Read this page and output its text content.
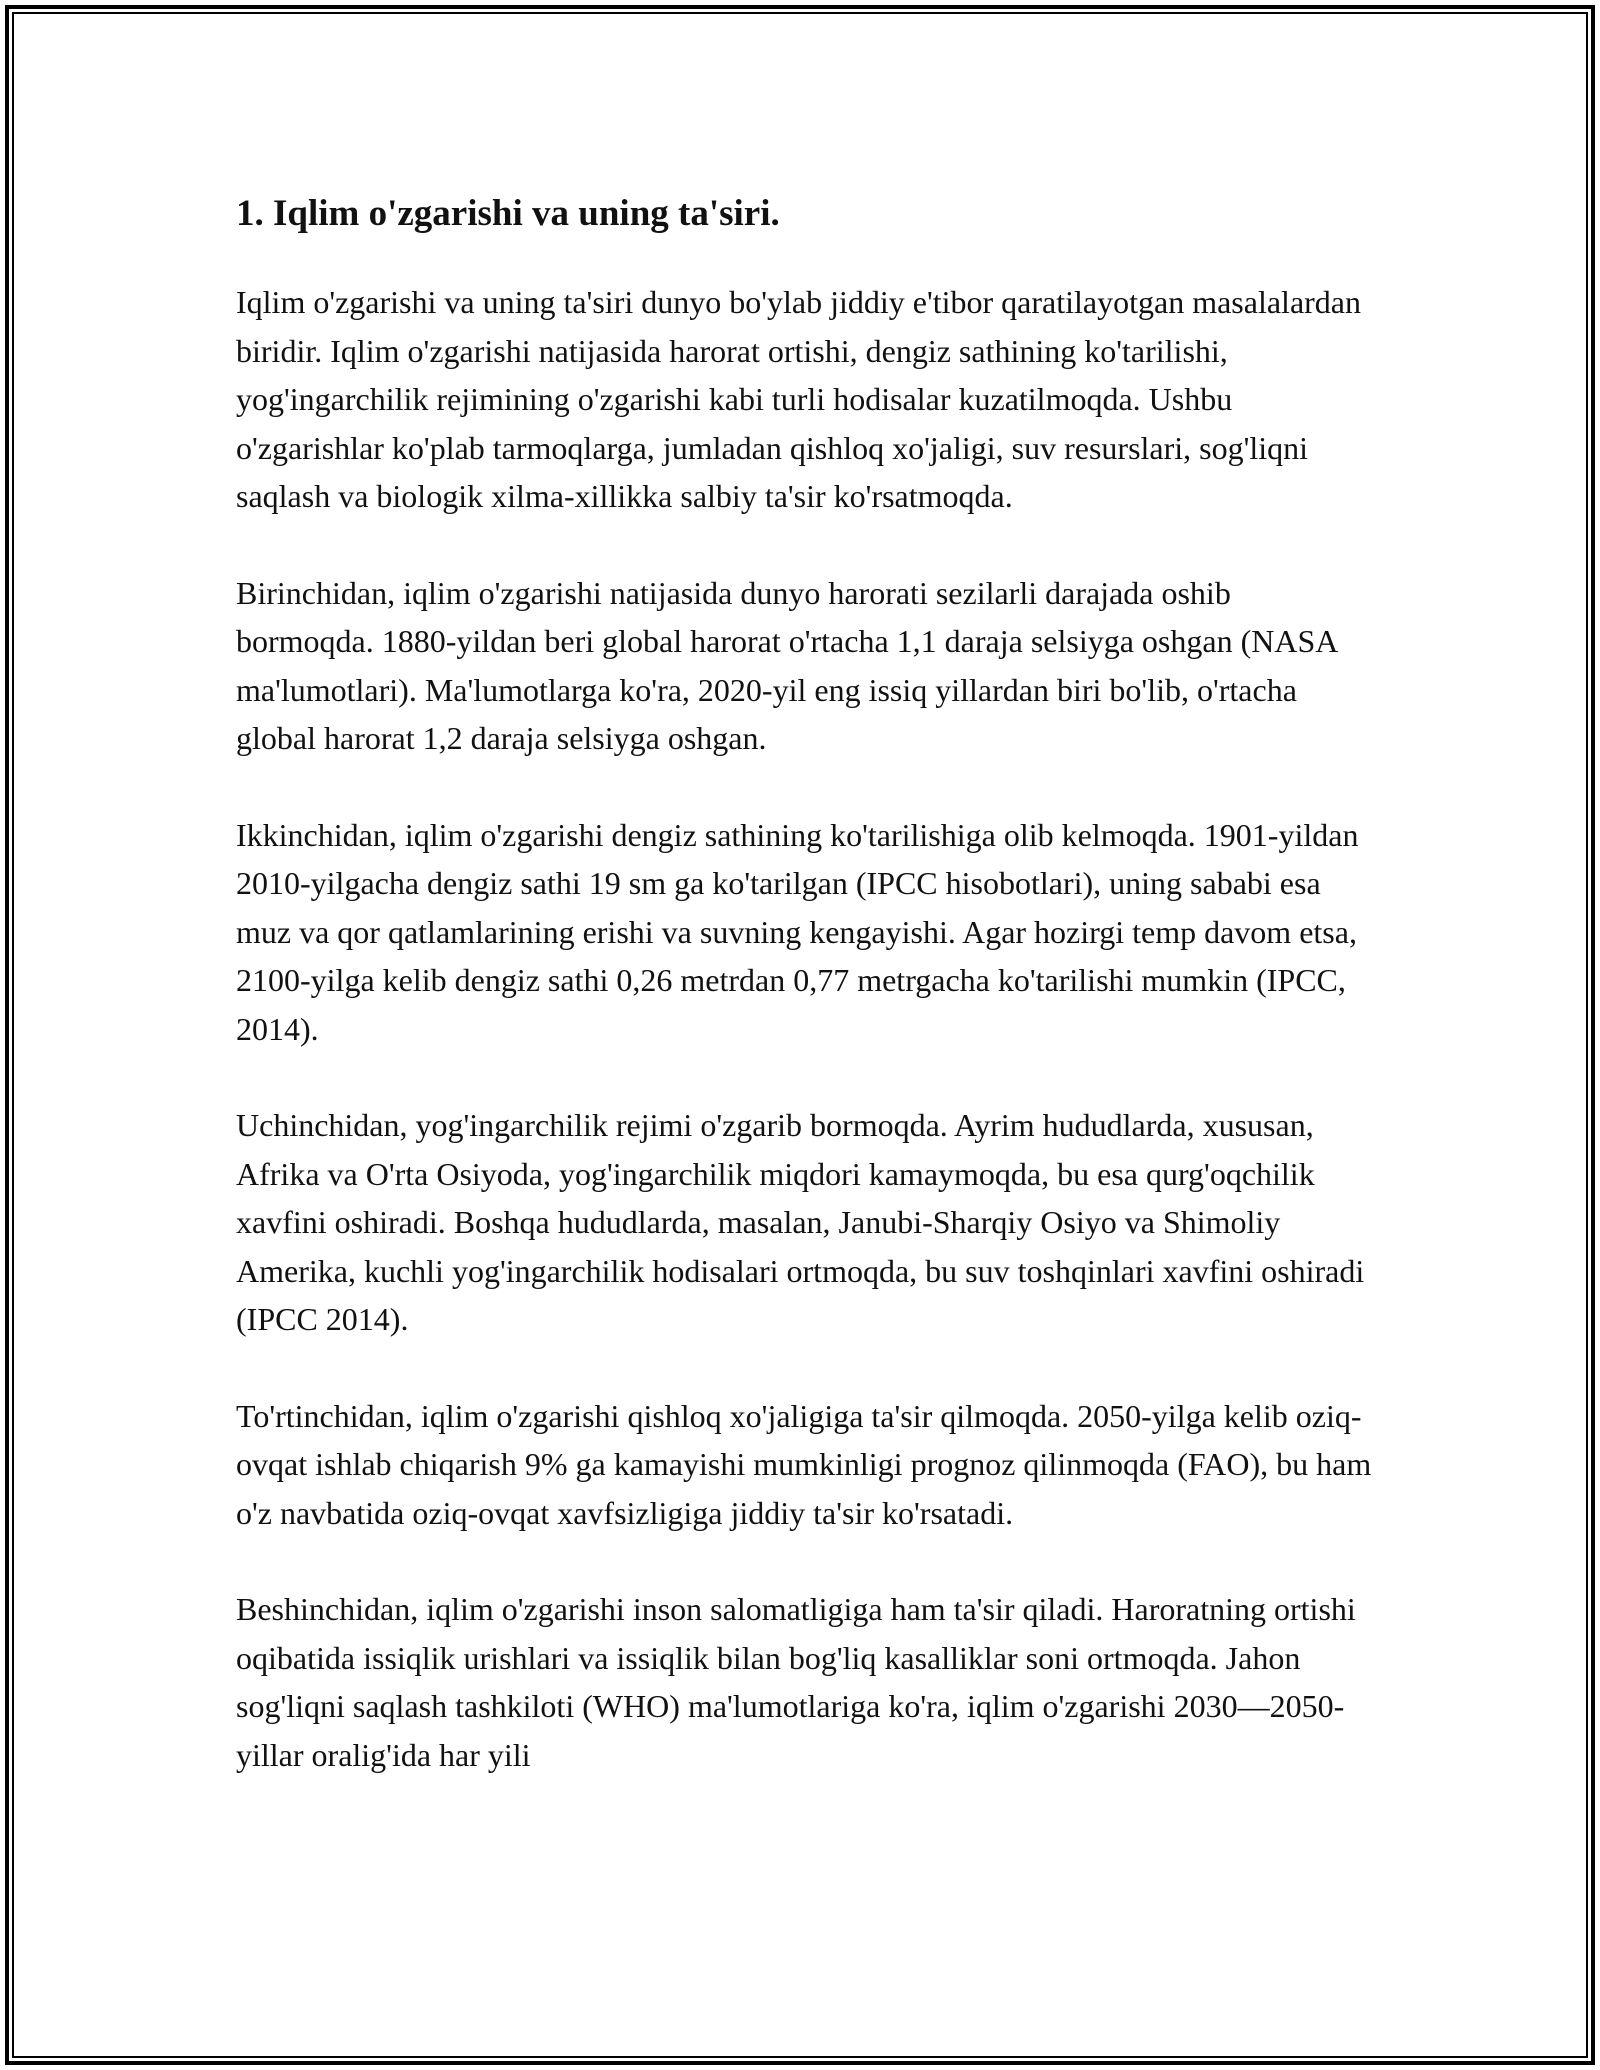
1. Iqlim o'zgarishi va uning ta'siri.

Iqlim o'zgarishi va uning ta'siri dunyo bo'ylab jiddiy e'tibor qaratilayotgan masalalardan biridir. Iqlim o'zgarishi natijasida harorat ortishi, dengiz sathining ko'tarilishi, yog'ingarchilik rejimining o'zgarishi kabi turli hodisalar kuzatilmoqda. Ushbu o'zgarishlar ko'plab tarmoqlarga, jumladan qishloq xo'jaligi, suv resurslari, sog'liqni saqlash va biologik xilma-xillikka salbiy ta'sir ko'rsatmoqda.

Birinchidan, iqlim o'zgarishi natijasida dunyo harorati sezilarli darajada oshib bormoqda. 1880-yildan beri global harorat o'rtacha 1,1 daraja selsiyga oshgan (NASA ma'lumotlari). Ma'lumotlarga ko'ra, 2020-yil eng issiq yillardan biri bo'lib, o'rtacha global harorat 1,2 daraja selsiyga oshgan.

Ikkinchidan, iqlim o'zgarishi dengiz sathining ko'tarilishiga olib kelmoqda. 1901-yildan 2010-yilgacha dengiz sathi 19 sm ga ko'tarilgan (IPCC hisobotlari), uning sababi esa muz va qor qatlamlarining erishi va suvning kengayishi. Agar hozirgi temp davom etsa, 2100-yilga kelib dengiz sathi 0,26 metrdan 0,77 metrgacha ko'tarilishi mumkin (IPCC, 2014).

Uchinchidan, yog'ingarchilik rejimi o'zgarib bormoqda. Ayrim hududlarda, xususan, Afrika va O'rta Osiyoda, yog'ingarchilik miqdori kamaymoqda, bu esa qurg'oqchilik xavfini oshiradi. Boshqa hududlarda, masalan, Janubi-Sharqiy Osiyo va Shimoliy Amerika, kuchli yog'ingarchilik hodisalari ortmoqda, bu suv toshqinlari xavfini oshiradi (IPCC 2014).

To'rtinchidan, iqlim o'zgarishi qishloq xo'jaligiga ta'sir qilmoqda. 2050-yilga kelib oziq-ovqat ishlab chiqarish 9% ga kamayishi mumkinligi prognoz qilinmoqda (FAO), bu ham o'z navbatida oziq-ovqat xavfsizligiga jiddiy ta'sir ko'rsatadi.

Beshinchidan, iqlim o'zgarishi inson salomatligiga ham ta'sir qiladi. Haroratning ortishi oqibatida issiqlik urishlari va issiqlik bilan bog'liq kasalliklar soni ortmoqda. Jahon sog'liqni saqlash tashkiloti (WHO) ma'lumotlariga ko'ra, iqlim o'zgarishi 2030—2050-yillar oralig'ida har yili
